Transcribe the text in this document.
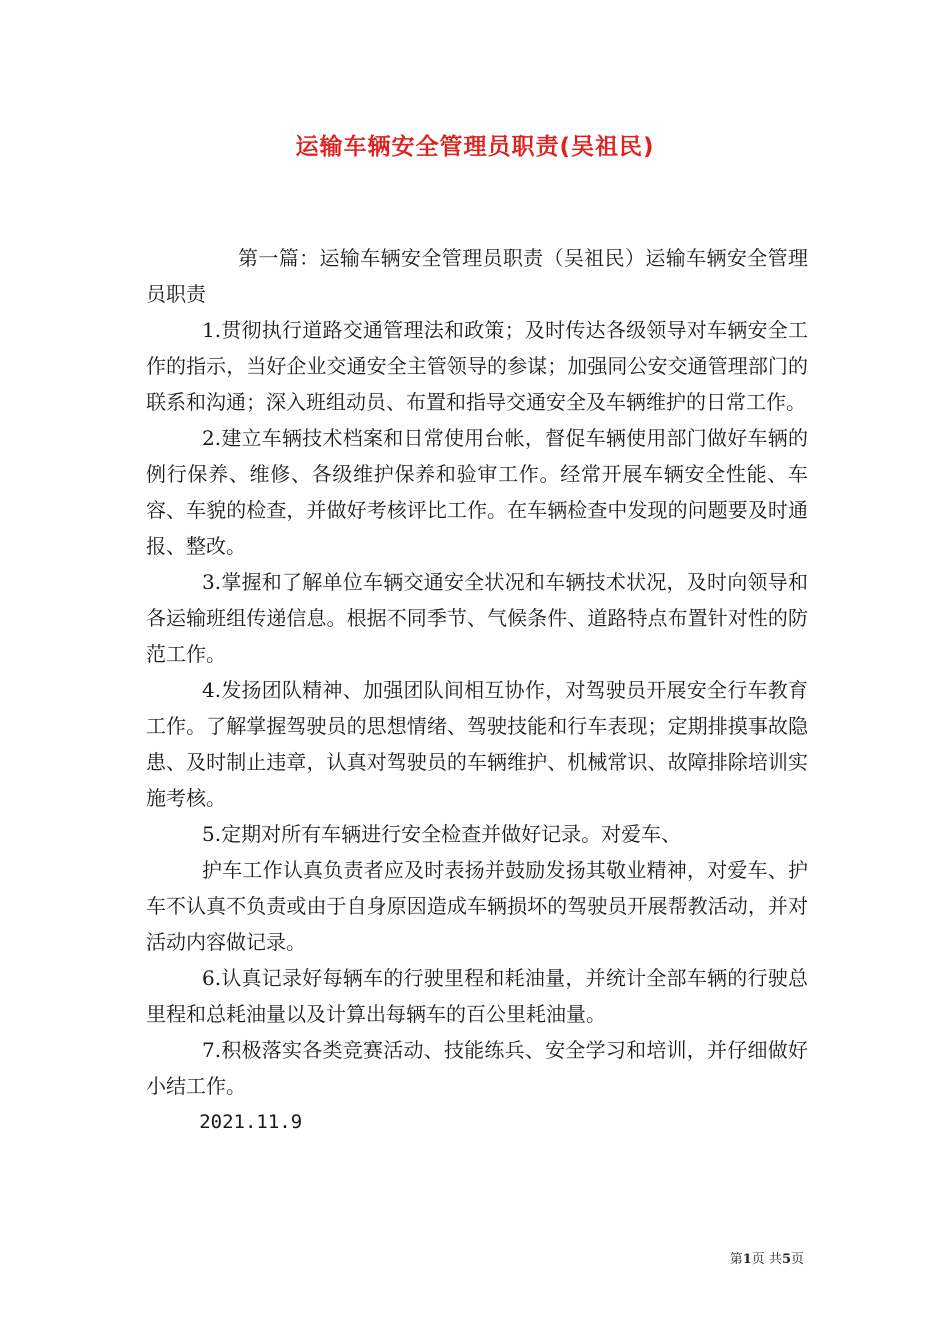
运输车辆安全管理员职责(吴祖民)

第一篇：运输车辆安全管理员职责（吴祖民）运输车辆安全管理员职责

1.贯彻执行道路交通管理法和政策；及时传达各级领导对车辆安全工作的指示，当好企业交通安全主管领导的参谋；加强同公安交通管理部门的联系和沟通；深入班组动员、布置和指导交通安全及车辆维护的日常工作。

2.建立车辆技术档案和日常使用台帐，督促车辆使用部门做好车辆的例行保养、维修、各级维护保养和验审工作。经常开展车辆安全性能、车容、车貌的检查，并做好考核评比工作。在车辆检查中发现的问题要及时通报、整改。

3.掌握和了解单位车辆交通安全状况和车辆技术状况，及时向领导和各运输班组传递信息。根据不同季节、气候条件、道路特点布置针对性的防范工作。

4.发扬团队精神、加强团队间相互协作，对驾驶员开展安全行车教育工作。了解掌握驾驶员的思想情绪、驾驶技能和行车表现；定期排摸事故隐患、及时制止违章，认真对驾驶员的车辆维护、机械常识、故障排除培训实施考核。

5.定期对所有车辆进行安全检查并做好记录。对爱车、

护车工作认真负责者应及时表扬并鼓励发扬其敬业精神，对爱车、护车不认真不负责或由于自身原因造成车辆损坏的驾驶员开展帮教活动，并对活动内容做记录。

6.认真记录好每辆车的行驶里程和耗油量，并统计全部车辆的行驶总里程和总耗油量以及计算出每辆车的百公里耗油量。

7.积极落实各类竞赛活动、技能练兵、安全学习和培训，并仔细做好小结工作。

2021.11.9

第1页 共5页
